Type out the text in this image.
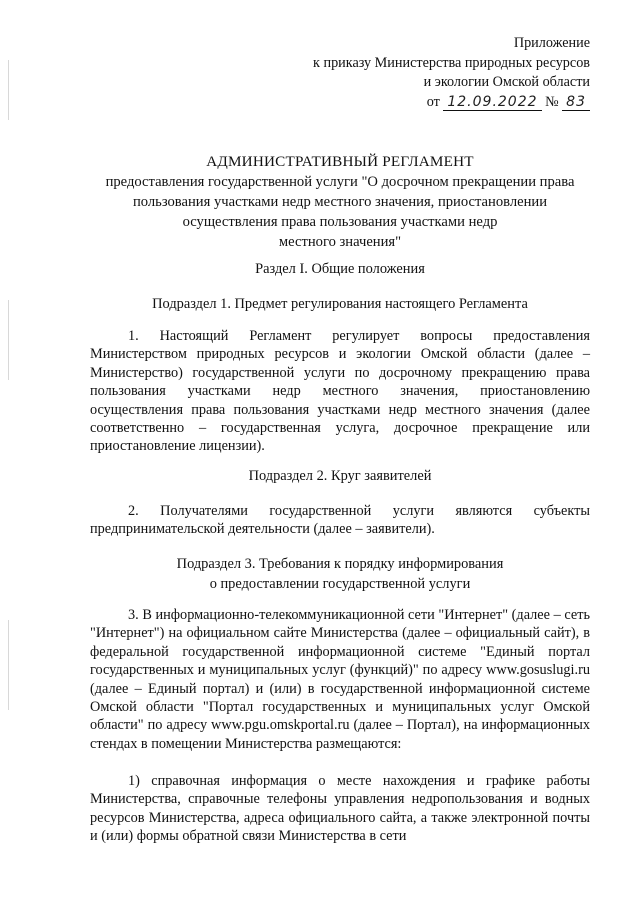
Приложение
к приказу Министерства природных ресурсов
и экологии Омской области
от 12.09.2022 № 83
АДМИНИСТРАТИВНЫЙ РЕГЛАМЕНТ
предоставления государственной услуги "О досрочном прекращении права
пользования участками недр местного значения, приостановлении
осуществления права пользования участками недр
местного значения"
Раздел I. Общие положения
Подраздел 1. Предмет регулирования настоящего Регламента
1. Настоящий Регламент регулирует вопросы предоставления Министерством природных ресурсов и экологии Омской области (далее – Министерство) государственной услуги по досрочному прекращению права пользования участками недр местного значения, приостановлению осуществления права пользования участками недр местного значения (далее соответственно – государственная услуга, досрочное прекращение или приостановление лицензии).
Подраздел 2. Круг заявителей
2. Получателями государственной услуги являются субъекты предпринимательской деятельности (далее – заявители).
Подраздел 3. Требования к порядку информирования
о предоставлении государственной услуги
3. В информационно-телекоммуникационной сети "Интернет" (далее – сеть "Интернет") на официальном сайте Министерства (далее – официальный сайт), в федеральной государственной информационной системе "Единый портал государственных и муниципальных услуг (функций)" по адресу www.gosuslugi.ru (далее – Единый портал) и (или) в государственной информационной системе Омской области "Портал государственных и муниципальных услуг Омской области" по адресу www.pgu.omskportal.ru (далее – Портал), на информационных стендах в помещении Министерства размещаются:
1) справочная информация о месте нахождения и графике работы Министерства, справочные телефоны управления недропользования и водных ресурсов Министерства, адреса официального сайта, а также электронной почты и (или) формы обратной связи Министерства в сети
